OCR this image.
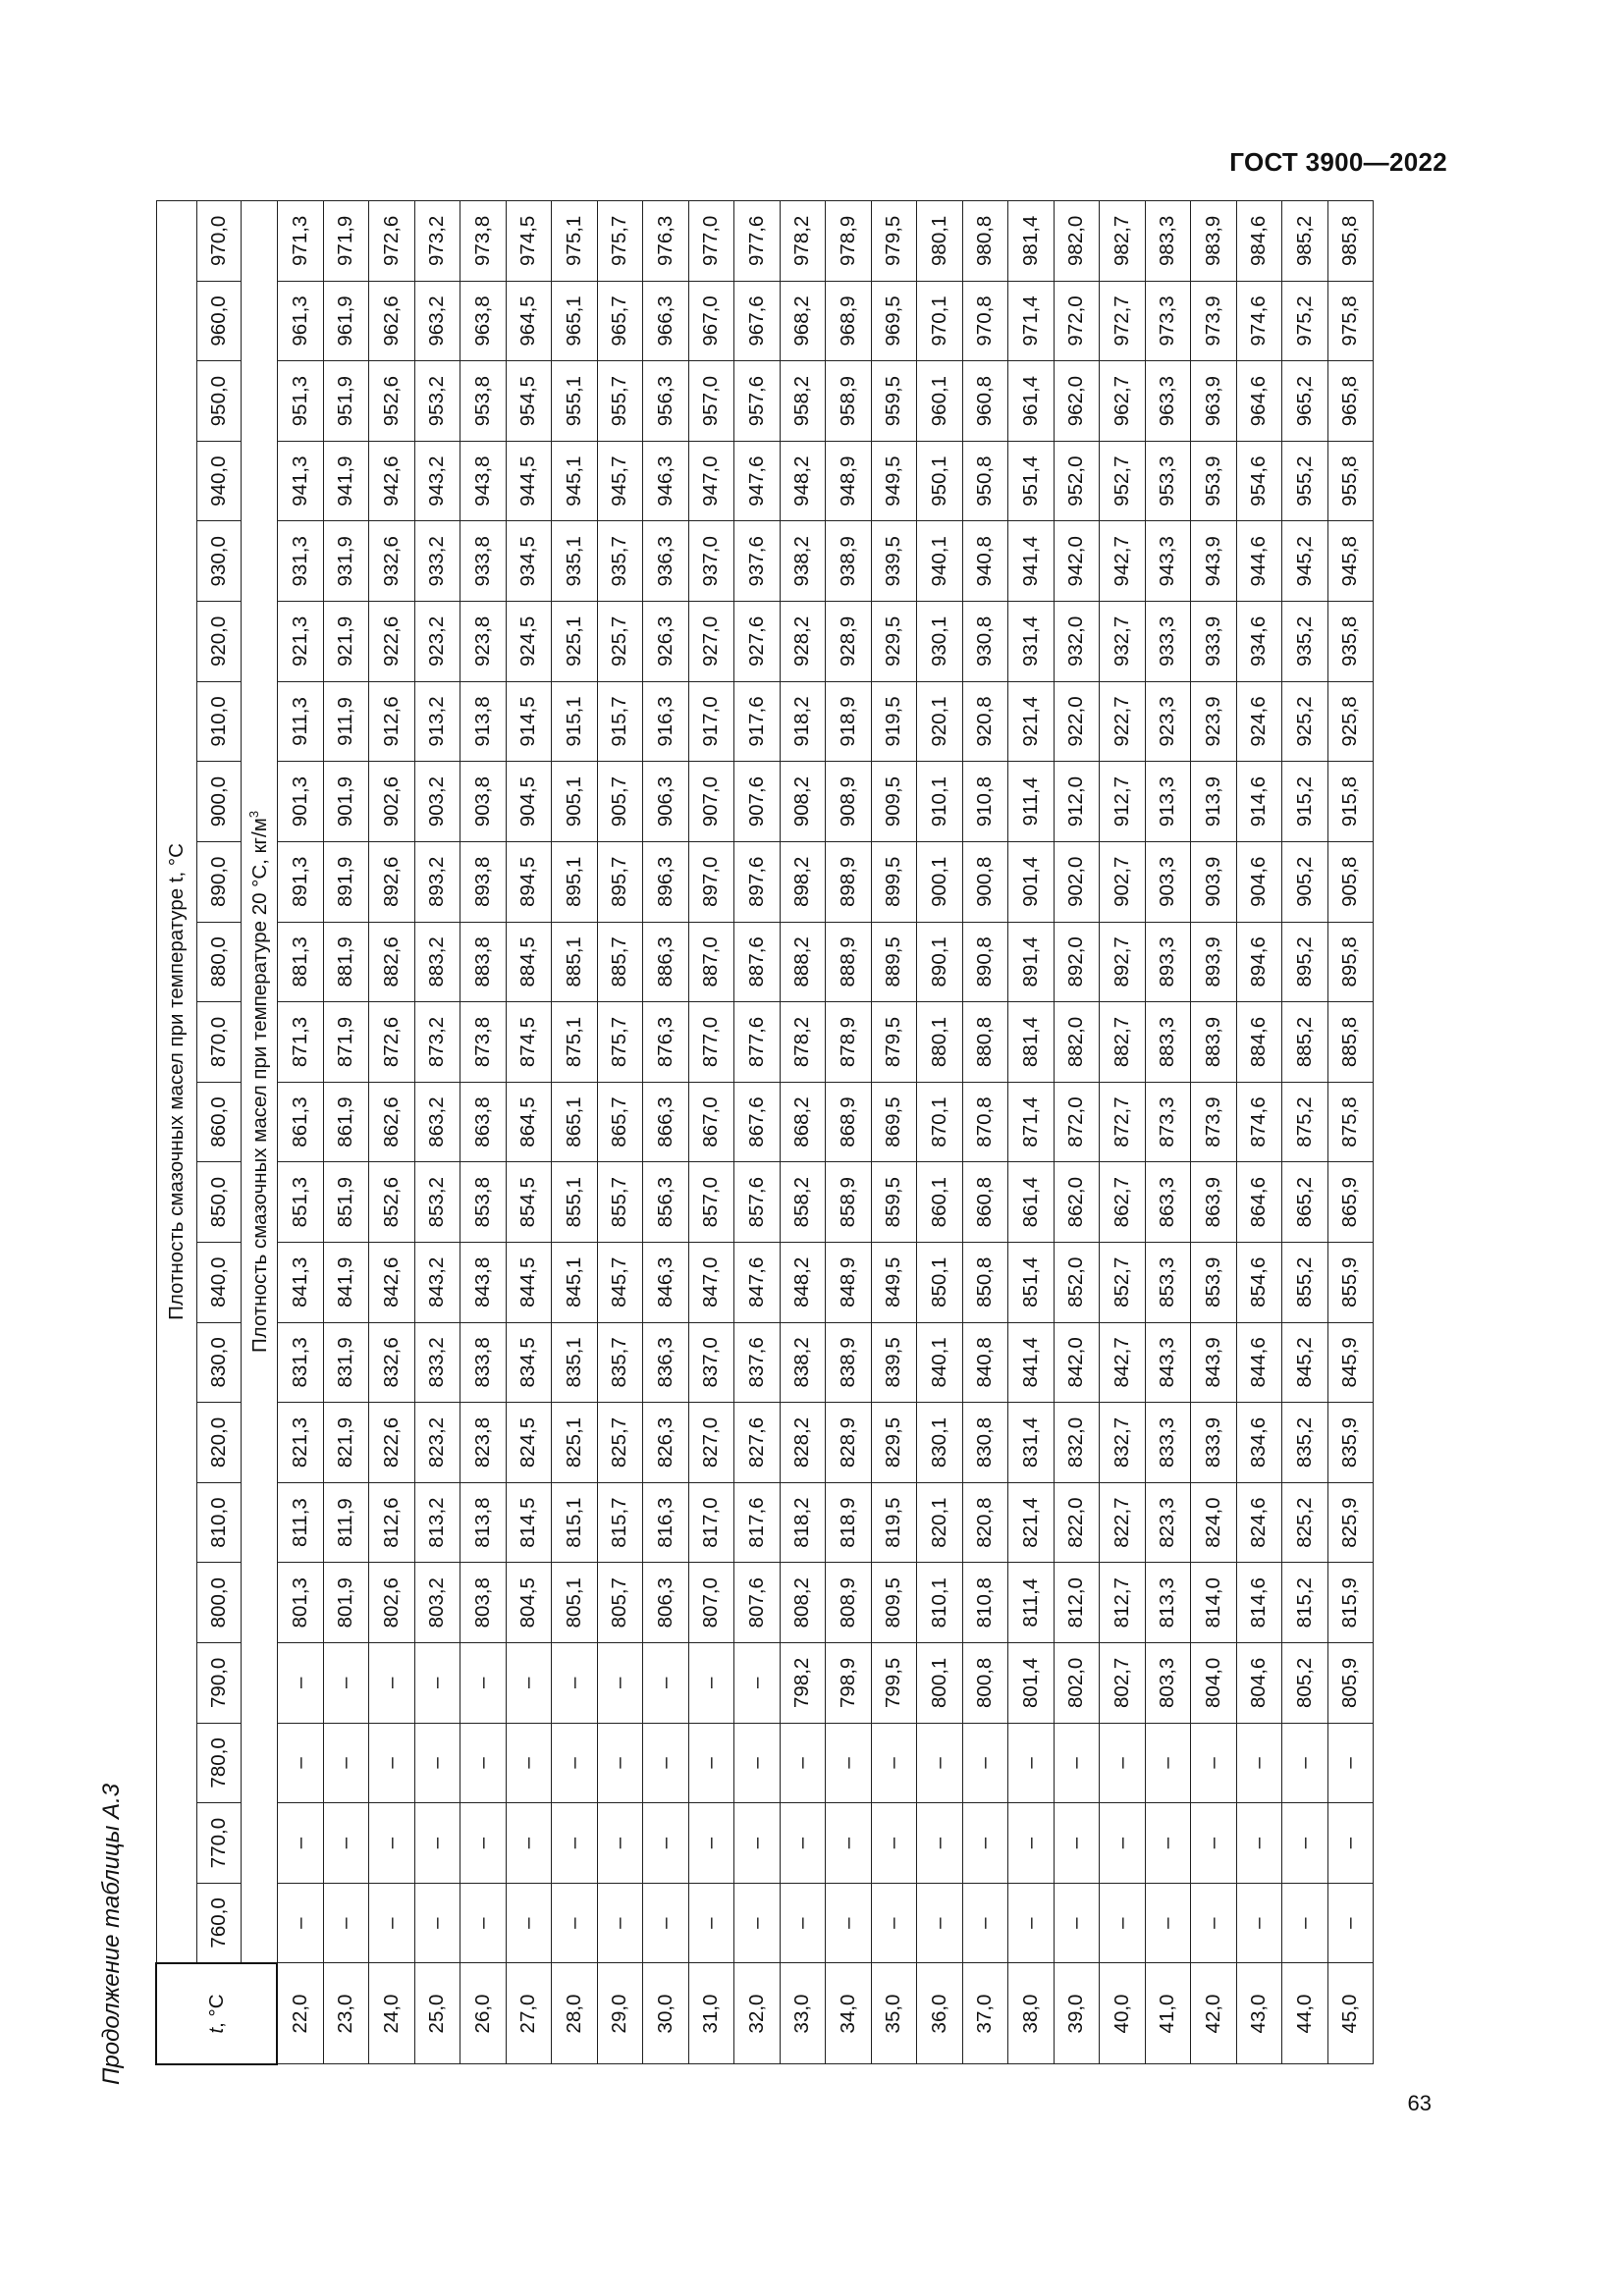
ГОСТ 3900—2022
Продолжение таблицы А.3	t, °C	Плотность смазочных масел при температуре t, °C																					
	760,0	770,0	780,0	790,0	800,0	810,0	820,0	830,0	840,0	850,0	860,0	870,0	880,0	890,0	900,0	910,0	920,0	930,0	940,0	950,0	960,0	970,0
	Плотность смазочных масел при температуре 20 °С, $кг/м^3$
22,0	–	–	–	–	801,3	811,3	821,3	831,3	841,3	851,3	861,3	871,3	881,3	891,3	901,3	911,3	921,3	931,3	941,3	951,3	961,3	971,3
23,0	–	–	–	–	801,9	811,9	821,9	831,9	841,9	851,9	861,9	871,9	881,9	891,9	901,9	911,9	921,9	931,9	941,9	951,9	961,9	971,9
24,0	–	–	–	–	802,6	812,6	822,6	832,6	842,6	852,6	862,6	872,6	882,6	892,6	902,6	912,6	922,6	932,6	942,6	952,6	962,6	972,6
25,0	–	–	–	–	803,2	813,2	823,2	833,2	843,2	853,2	863,2	873,2	883,2	893,2	903,2	913,2	923,2	933,2	943,2	953,2	963,2	973,2
26,0	–	–	–	–	803,8	813,8	823,8	833,8	843,8	853,8	863,8	873,8	883,8	893,8	903,8	913,8	923,8	933,8	943,8	953,8	963,8	973,8
27,0	–	–	–	–	804,5	814,5	824,5	834,5	844,5	854,5	864,5	874,5	884,5	894,5	904,5	914,5	924,5	934,5	944,5	954,5	964,5	974,5
28,0	–	–	–	–	805,1	815,1	825,1	835,1	845,1	855,1	865,1	875,1	885,1	895,1	905,1	915,1	925,1	935,1	945,1	955,1	965,1	975,1
29,0	–	–	–	–	805,7	815,7	825,7	835,7	845,7	855,7	865,7	875,7	885,7	895,7	905,7	915,7	925,7	935,7	945,7	955,7	965,7	975,7
30,0	–	–	–	–	806,3	816,3	826,3	836,3	846,3	856,3	866,3	876,3	886,3	896,3	906,3	916,3	926,3	936,3	946,3	956,3	966,3	976,3
31,0	–	–	–	–	807,0	817,0	827,0	837,0	847,0	857,0	867,0	877,0	887,0	897,0	907,0	917,0	927,0	937,0	947,0	957,0	967,0	977,0
32,0	–	–	–	–	807,6	817,6	827,6	837,6	847,6	857,6	867,6	877,6	887,6	897,6	907,6	917,6	927,6	937,6	947,6	957,6	967,6	977,6
33,0	–	–	–	798,2	808,2	818,2	828,2	838,2	848,2	858,2	868,2	878,2	888,2	898,2	908,2	918,2	928,2	938,2	948,2	958,2	968,2	978,2
34,0	–	–	–	798,9	808,9	818,9	828,9	838,9	848,9	858,9	868,9	878,9	888,9	898,9	908,9	918,9	928,9	938,9	948,9	958,9	968,9	978,9
35,0	–	–	–	799,5	809,5	819,5	829,5	839,5	849,5	859,5	869,5	879,5	889,5	899,5	909,5	919,5	929,5	939,5	949,5	959,5	969,5	979,5
36,0	–	–	–	800,1	810,1	820,1	830,1	840,1	850,1	860,1	870,1	880,1	890,1	900,1	910,1	920,1	930,1	940,1	950,1	960,1	970,1	980,1
37,0	–	–	–	800,8	810,8	820,8	830,8	840,8	850,8	860,8	870,8	880,8	890,8	900,8	910,8	920,8	930,8	940,8	950,8	960,8	970,8	980,8
38,0	–	–	–	801,4	811,4	821,4	831,4	841,4	851,4	861,4	871,4	881,4	891,4	901,4	911,4	921,4	931,4	941,4	951,4	961,4	971,4	981,4
39,0	–	–	–	802,0	812,0	822,0	832,0	842,0	852,0	862,0	872,0	882,0	892,0	902,0	912,0	922,0	932,0	942,0	952,0	962,0	972,0	982,0
40,0	–	–	–	802,7	812,7	822,7	832,7	842,7	852,7	862,7	872,7	882,7	892,7	902,7	912,7	922,7	932,7	942,7	952,7	962,7	972,7	982,7
41,0	–	–	–	803,3	813,3	823,3	833,3	843,3	853,3	863,3	873,3	883,3	893,3	903,3	913,3	923,3	933,3	943,3	953,3	963,3	973,3	983,3
42,0	–	–	–	804,0	814,0	824,0	833,9	843,9	853,9	863,9	873,9	883,9	893,9	903,9	913,9	923,9	933,9	943,9	953,9	963,9	973,9	983,9
43,0	–	–	–	804,6	814,6	824,6	834,6	844,6	854,6	864,6	874,6	884,6	894,6	904,6	914,6	924,6	934,6	944,6	954,6	964,6	974,6	984,6
44,0	–	–	–	805,2	815,2	825,2	835,2	845,2	855,2	865,2	875,2	885,2	895,2	905,2	915,2	925,2	935,2	945,2	955,2	965,2	975,2	985,2
45,0	–	–	–	805,9	815,9	825,9	835,9	845,9	855,9	865,9	875,8	885,8	895,8	905,8	915,8	925,8	935,8	945,8	955,8	965,8	975,8	985,8
63
